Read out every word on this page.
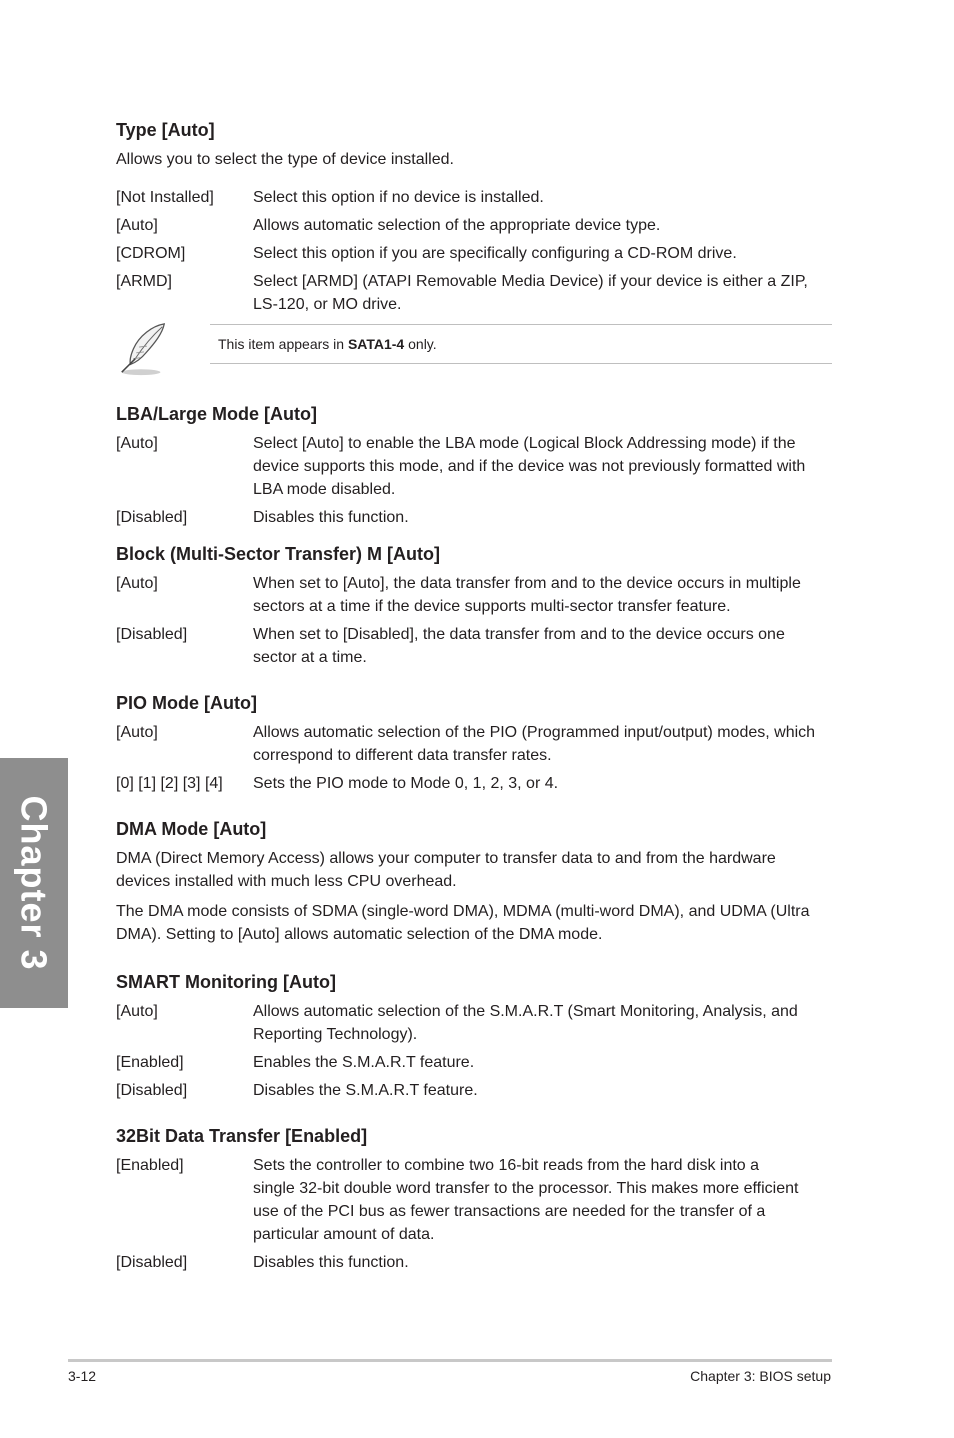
Chapter 3
Type [Auto]
Allows you to select the type of device installed.
[Not Installed]	Select this option if no device is installed.
[Auto]	Allows automatic selection of the appropriate device type.
[CDROM]	Select this option if you are specifically configuring a CD-ROM drive.
[ARMD]	Select [ARMD] (ATAPI Removable Media Device) if your device is either a ZIP, LS-120, or MO drive.
This item appears in SATA1-4 only.
LBA/Large Mode [Auto]
[Auto]	Select [Auto] to enable the LBA mode (Logical Block Addressing mode) if the device supports this mode, and if the device was not previously formatted with LBA mode disabled.
[Disabled]	Disables this function.
Block (Multi-Sector Transfer) M [Auto]
[Auto]	When set to [Auto], the data transfer from and to the device occurs in multiple sectors at a time if the device supports multi-sector transfer feature.
[Disabled]	When set to [Disabled], the data transfer from and to the device occurs one sector at a time.
PIO Mode [Auto]
[Auto]	Allows automatic selection of the PIO (Programmed input/output) modes, which correspond to different data transfer rates.
[0] [1] [2] [3] [4]	Sets the PIO mode to Mode 0, 1, 2, 3, or 4.
DMA Mode [Auto]
DMA (Direct Memory Access) allows your computer to transfer data to and from the hardware devices installed with much less CPU overhead.
The DMA mode consists of SDMA (single-word DMA), MDMA (multi-word DMA), and UDMA (Ultra DMA). Setting to [Auto] allows automatic selection of the DMA mode.
SMART Monitoring [Auto]
[Auto]	Allows automatic selection of the S.M.A.R.T (Smart Monitoring, Analysis, and Reporting Technology).
[Enabled]	Enables the S.M.A.R.T feature.
[Disabled]	Disables the S.M.A.R.T feature.
32Bit Data Transfer [Enabled]
[Enabled]	Sets the controller to combine two 16-bit reads from the hard disk into a single 32-bit double word transfer to the processor. This makes more efficient use of the PCI bus as fewer transactions are needed for the transfer of a particular amount of data.
[Disabled]	Disables this function.
3-12	Chapter 3: BIOS setup
